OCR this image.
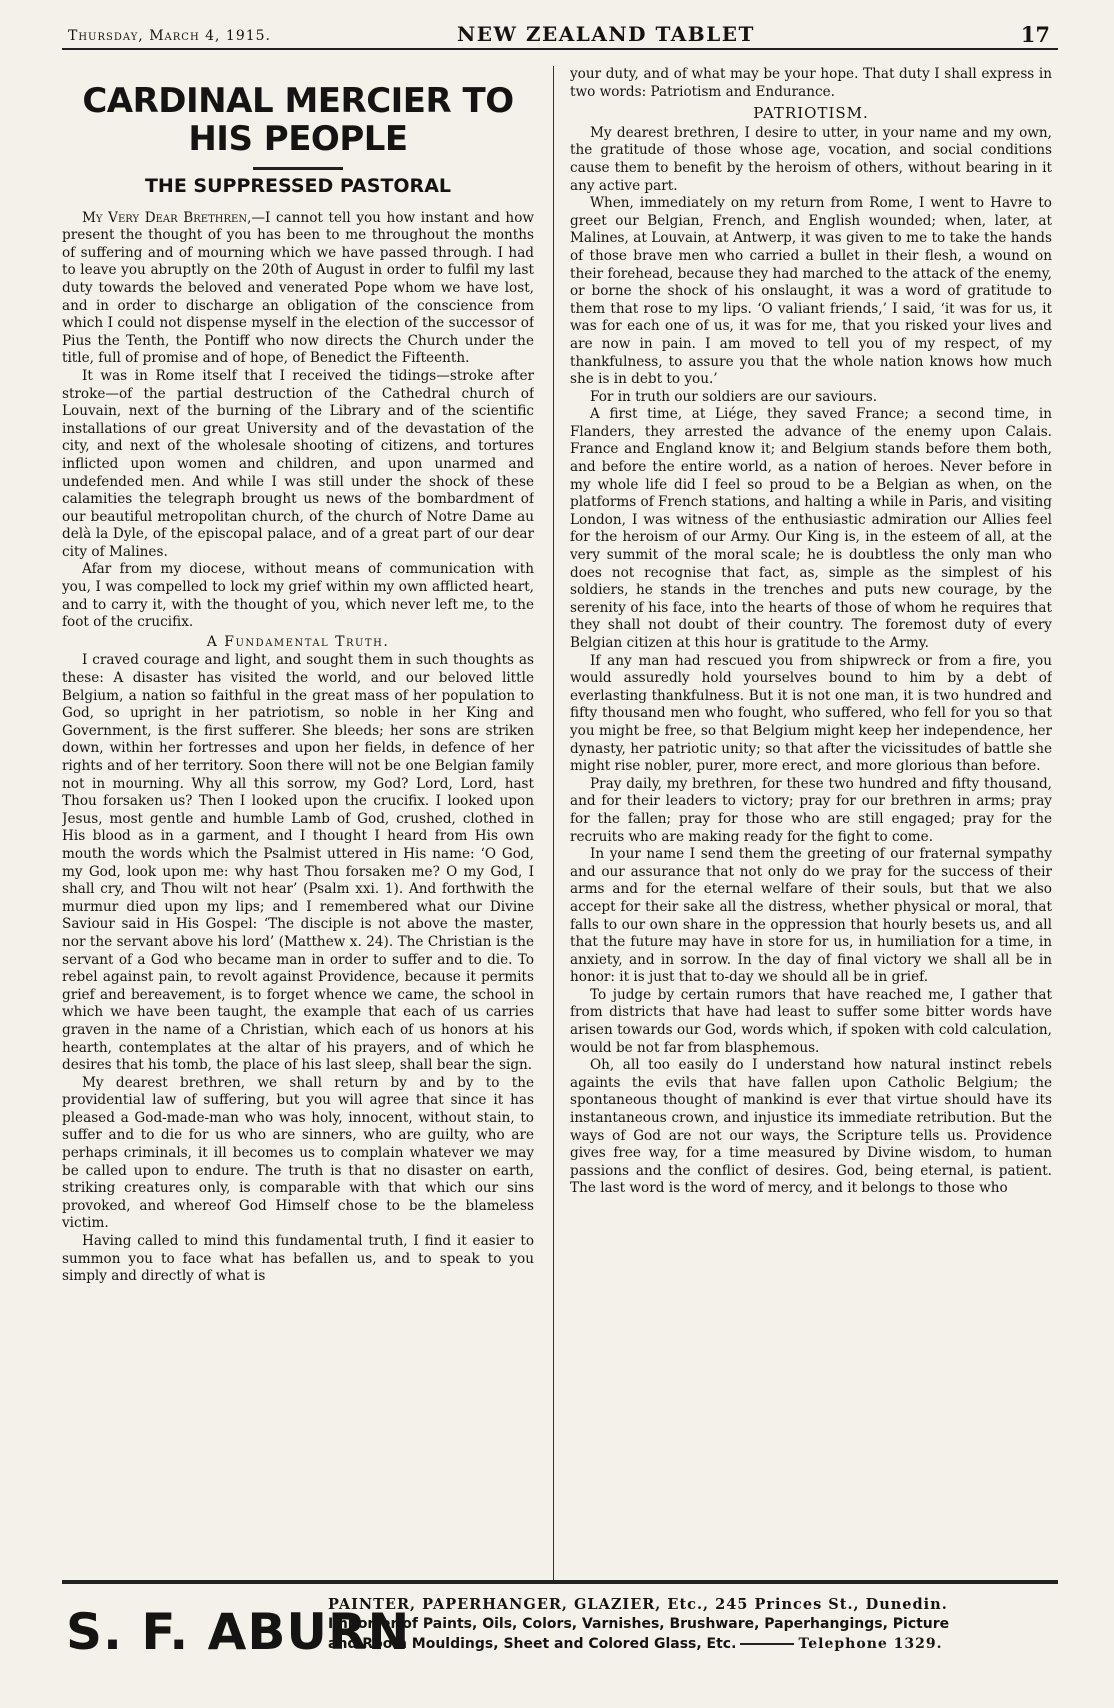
Thursday, March 4, 1915.	NEW ZEALAND TABLET	17
CARDINAL MERCIER TO HIS PEOPLE
THE SUPPRESSED PASTORAL

My Very Dear Brethren,—I cannot tell you how instant and how present the thought of you has been to me throughout the months of suffering and of mourning which we have passed through. I had to leave you abruptly on the 20th of August in order to fulfil my last duty towards the beloved and venerated Pope whom we have lost, and in order to discharge an obligation of the conscience from which I could not dispense myself in the election of the successor of Pius the Tenth, the Pontiff who now directs the Church under the title, full of promise and of hope, of Benedict the Fifteenth.

It was in Rome itself that I received the tidings—stroke after stroke—of the partial destruction of the Cathedral church of Louvain, next of the burning of the Library and of the scientific installations of our great University and of the devastation of the city, and next of the wholesale shooting of citizens, and tortures inflicted upon women and children, and upon unarmed and undefended men. And while I was still under the shock of these calamities the telegraph brought us news of the bombardment of our beautiful metropolitan church, of the church of Notre Dame au delà la Dyle, of the episcopal palace, and of a great part of our dear city of Malines.

Afar from my diocese, without means of communication with you, I was compelled to lock my grief within my own afflicted heart, and to carry it, with the thought of you, which never left me, to the foot of the crucifix.

A Fundamental Truth.

I craved courage and light, and sought them in such thoughts as these: A disaster has visited the world, and our beloved little Belgium, a nation so faithful in the great mass of her population to God, so upright in her patriotism, so noble in her King and Government, is the first sufferer. She bleeds; her sons are striken down, within her fortresses and upon her fields, in defence of her rights and of her territory. Soon there will not be one Belgian family not in mourning. Why all this sorrow, my God? Lord, Lord, hast Thou forsaken us? Then I looked upon the crucifix. I looked upon Jesus, most gentle and humble Lamb of God, crushed, clothed in His blood as in a garment, and I thought I heard from His own mouth the words which the Psalmist uttered in His name: ‘O God, my God, look upon me: why hast Thou forsaken me? O my God, I shall cry, and Thou wilt not hear’ (Psalm xxi. 1). And forthwith the murmur died upon my lips; and I remembered what our Divine Saviour said in His Gospel: ‘The disciple is not above the master, nor the servant above his lord’ (Matthew x. 24). The Christian is the servant of a God who became man in order to suffer and to die. To rebel against pain, to revolt against Providence, because it permits grief and bereavement, is to forget whence we came, the school in which we have been taught, the example that each of us carries graven in the name of a Christian, which each of us honors at his hearth, contemplates at the altar of his prayers, and of which he desires that his tomb, the place of his last sleep, shall bear the sign.

My dearest brethren, we shall return by and by to the providential law of suffering, but you will agree that since it has pleased a God-made-man who was holy, innocent, without stain, to suffer and to die for us who are sinners, who are guilty, who are perhaps criminals, it ill becomes us to complain whatever we may be called upon to endure. The truth is that no disaster on earth, striking creatures only, is comparable with that which our sins provoked, and whereof God Himself chose to be the blameless victim.

Having called to mind this fundamental truth, I find it easier to summon you to face what has befallen us, and to speak to you simply and directly of what is

your duty, and of what may be your hope. That duty I shall express in two words: Patriotism and Endurance.

PATRIOTISM.

My dearest brethren, I desire to utter, in your name and my own, the gratitude of those whose age, vocation, and social conditions cause them to benefit by the heroism of others, without bearing in it any active part.

When, immediately on my return from Rome, I went to Havre to greet our Belgian, French, and English wounded; when, later, at Malines, at Louvain, at Antwerp, it was given to me to take the hands of those brave men who carried a bullet in their flesh, a wound on their forehead, because they had marched to the attack of the enemy, or borne the shock of his onslaught, it was a word of gratitude to them that rose to my lips. ‘O valiant friends,’ I said, ‘it was for us, it was for each one of us, it was for me, that you risked your lives and are now in pain. I am moved to tell you of my respect, of my thankfulness, to assure you that the whole nation knows how much she is in debt to you.’

For in truth our soldiers are our saviours.

A first time, at Liége, they saved France; a second time, in Flanders, they arrested the advance of the enemy upon Calais. France and England know it; and Belgium stands before them both, and before the entire world, as a nation of heroes. Never before in my whole life did I feel so proud to be a Belgian as when, on the platforms of French stations, and halting a while in Paris, and visiting London, I was witness of the enthusiastic admiration our Allies feel for the heroism of our Army. Our King is, in the esteem of all, at the very summit of the moral scale; he is doubtless the only man who does not recognise that fact, as, simple as the simplest of his soldiers, he stands in the trenches and puts new courage, by the serenity of his face, into the hearts of those of whom he requires that they shall not doubt of their country. The foremost duty of every Belgian citizen at this hour is gratitude to the Army.

If any man had rescued you from shipwreck or from a fire, you would assuredly hold yourselves bound to him by a debt of everlasting thankfulness. But it is not one man, it is two hundred and fifty thousand men who fought, who suffered, who fell for you so that you might be free, so that Belgium might keep her independence, her dynasty, her patriotic unity; so that after the vicissitudes of battle she might rise nobler, purer, more erect, and more glorious than before.

Pray daily, my brethren, for these two hundred and fifty thousand, and for their leaders to victory; pray for our brethren in arms; pray for the fallen; pray for those who are still engaged; pray for the recruits who are making ready for the fight to come.

In your name I send them the greeting of our fraternal sympathy and our assurance that not only do we pray for the success of their arms and for the eternal welfare of their souls, but that we also accept for their sake all the distress, whether physical or moral, that falls to our own share in the oppression that hourly besets us, and all that the future may have in store for us, in humiliation for a time, in anxiety, and in sorrow. In the day of final victory we shall all be in honor: it is just that to-day we should all be in grief.

To judge by certain rumors that have reached me, I gather that from districts that have had least to suffer some bitter words have arisen towards our God, words which, if spoken with cold calculation, would be not far from blasphemous.

Oh, all too easily do I understand how natural instinct rebels againts the evils that have fallen upon Catholic Belgium; the spontaneous thought of mankind is ever that virtue should have its instantaneous crown, and injustice its immediate retribution. But the ways of God are not our ways, the Scripture tells us. Providence gives free way, for a time measured by Divine wisdom, to human passions and the conflict of desires. God, being eternal, is patient. The last word is the word of mercy, and it belongs to those who

S. F. ABURN
PAINTER, PAPERHANGER, GLAZIER, Etc., 245 Princes St., Dunedin.
Importer of Paints, Oils, Colors, Varnishes, Brushware, Paperhangings, Picture
and Room Mouldings, Sheet and Colored Glass, Etc.	Telephone 1329.
